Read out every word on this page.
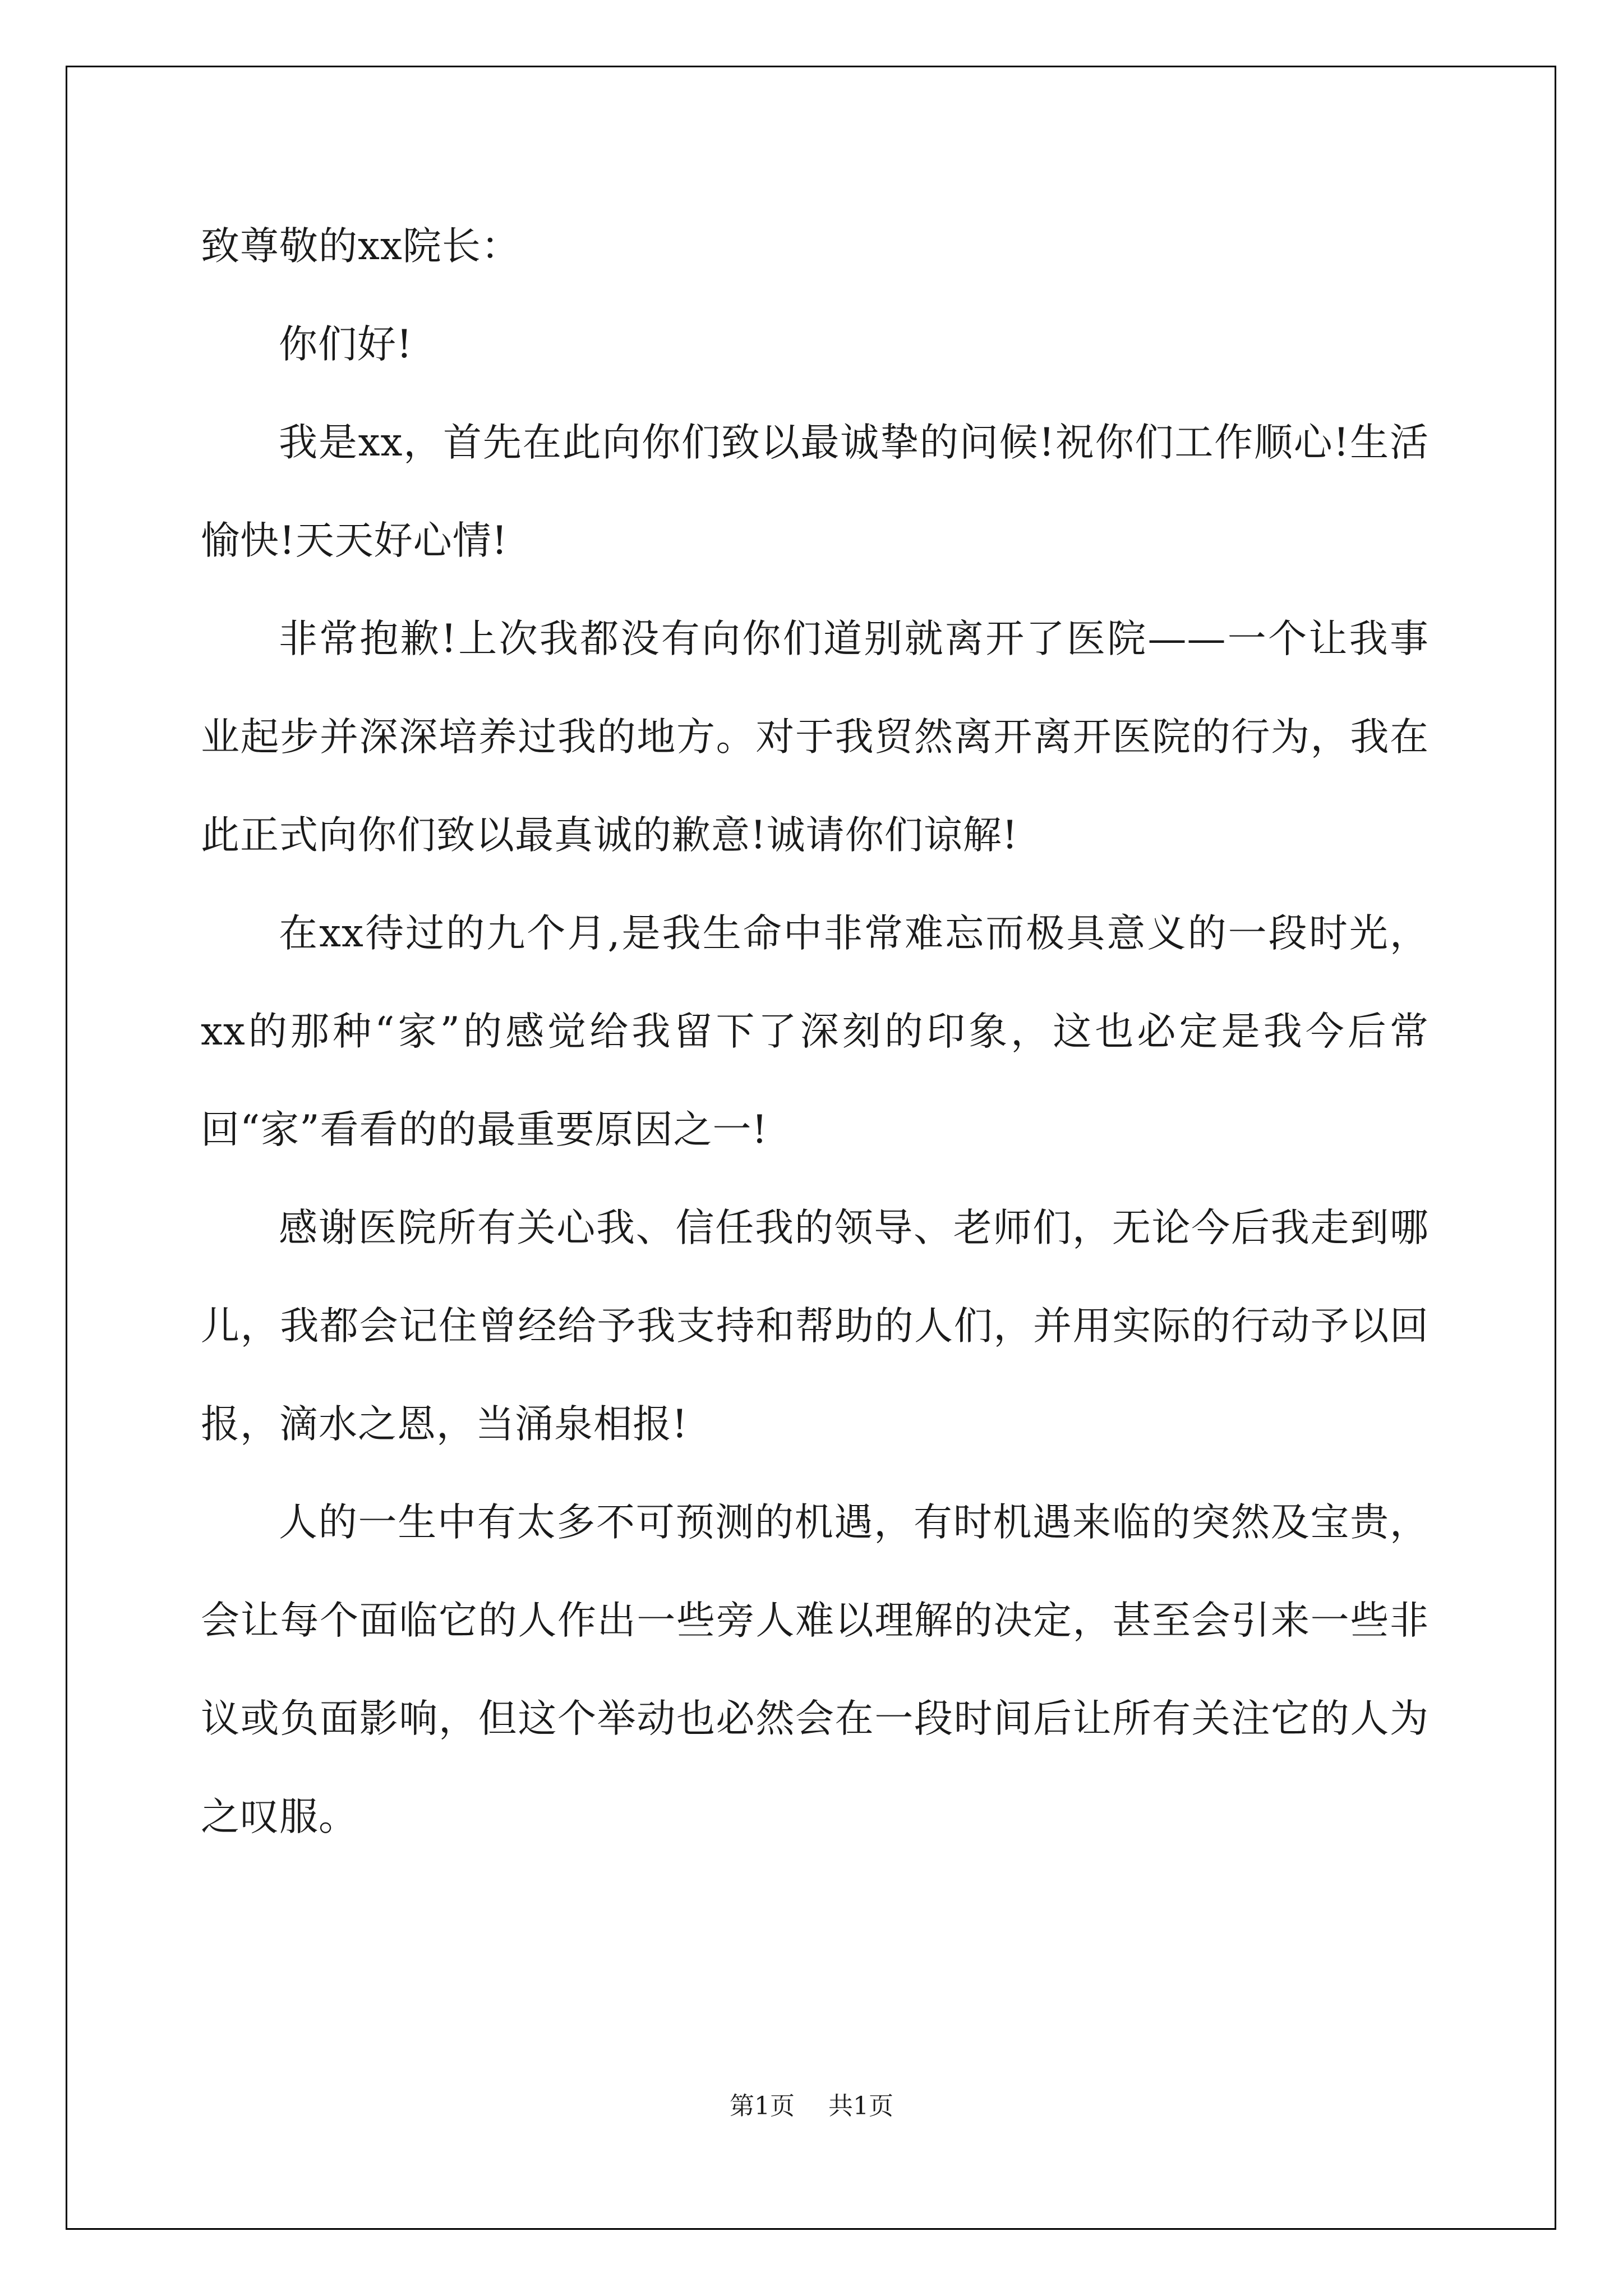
致尊敬的xx院长：

你们好!

我是xx，首先在此向你们致以最诚挚的问候!祝你们工作顺心!生活愉快!天天好心情!

非常抱歉!上次我都没有向你们道别就离开了医院——一个让我事业起步并深深培养过我的地方。对于我贸然离开离开医院的行为，我在此正式向你们致以最真诚的歉意!诚请你们谅解!

在xx待过的九个月,是我生命中非常难忘而极具意义的一段时光，xx的那种“家”的感觉给我留下了深刻的印象，这也必定是我今后常回“家”看看的的最重要原因之一!

感谢医院所有关心我、信任我的领导、老师们，无论今后我走到哪儿，我都会记住曾经给予我支持和帮助的人们，并用实际的行动予以回报，滴水之恩，当涌泉相报!

人的一生中有太多不可预测的机遇，有时机遇来临的突然及宝贵，会让每个面临它的人作出一些旁人难以理解的决定，甚至会引来一些非议或负面影响，但这个举动也必然会在一段时间后让所有关注它的人为之叹服。

第1页 共1页
